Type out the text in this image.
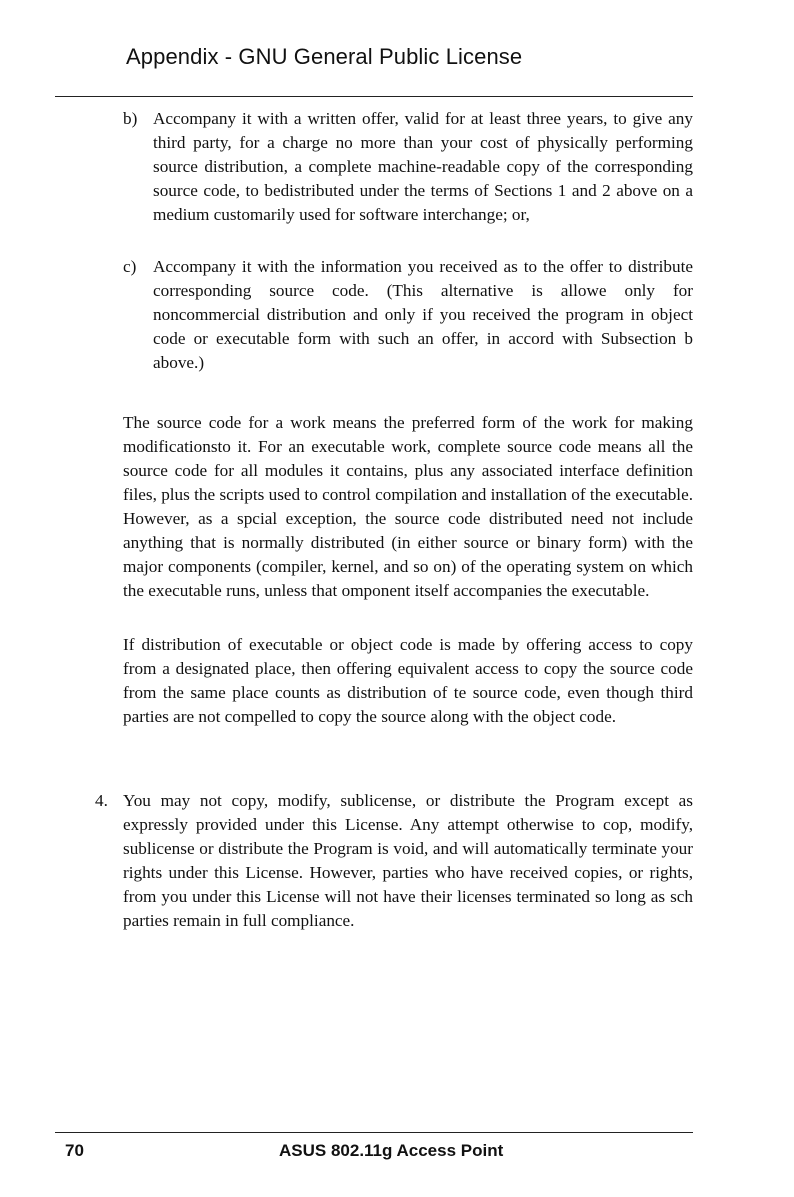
Appendix - GNU General Public License
b) Accompany it with a written offer, valid for at least three years, to give any third party, for a charge no more than your cost of physically performing source distribution, a complete machine-readable copy of the corresponding source code, to bedistributed under the terms of Sections 1 and 2 above on a medium customarily used for software interchange; or,

c) Accompany it with the information you received as to the offer to distribute corresponding source code. (This alternative is allowe only for noncommercial distribution and only if you received the program in object code or executable form with such an offer, in accord with Subsection b above.)

The source code for a work means the preferred form of the work for making modificationsto it. For an executable work, complete source code means all the source code for all modules it contains, plus any associated interface definition files, plus the scripts used to control compilation and installation of the executable. However, as a spcial exception, the source code distributed need not include anything that is normally distributed (in either source or binary form) with the major components (compiler, kernel, and so on) of the operating system on which the executable runs, unless that omponent itself accompanies the executable.

If distribution of executable or object code is made by offering access to copy from a designated place, then offering equivalent access to copy the source code from the same place counts as distribution of te source code, even though third parties are not compelled to copy the source along with the object code.

4. You may not copy, modify, sublicense, or distribute the Program except as expressly provided under this License. Any attempt otherwise to cop, modify, sublicense or distribute the Program is void, and will automatically terminate your rights under this License. However, parties who have received copies, or rights, from you under this License will not have their licenses terminated so long as sch parties remain in full compliance.

70	ASUS 802.11g Access Point
